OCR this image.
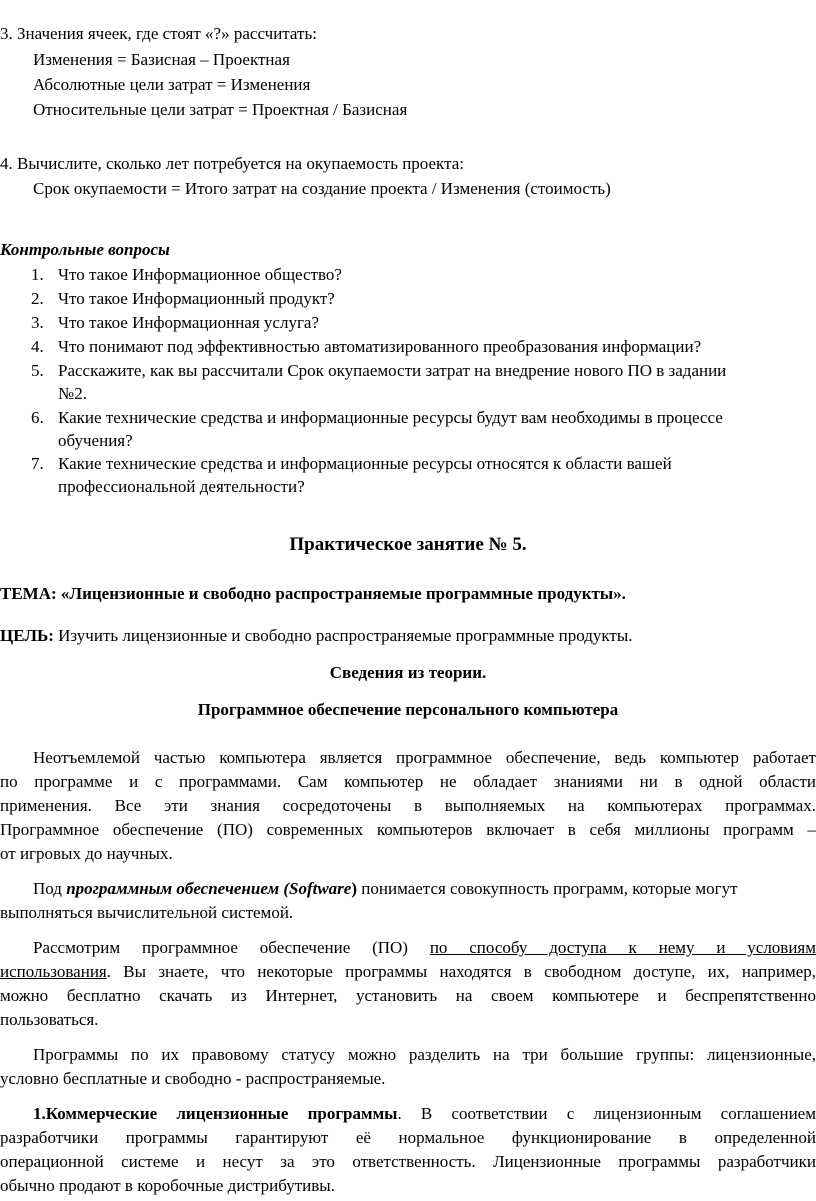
3. Значения ячеек, где стоят «?» рассчитать:
Изменения = Базисная – Проектная
Абсолютные цели затрат = Изменения
Относительные цели затрат = Проектная / Базисная
4. Вычислите, сколько лет потребуется на окупаемость проекта:
Срок окупаемости = Итого затрат на создание проекта / Изменения (стоимость)
Контрольные вопросы
1. Что такое Информационное общество?
2. Что такое Информационный продукт?
3. Что такое Информационная услуга?
4. Что понимают под эффективностью автоматизированного преобразования информации?
5. Расскажите, как вы рассчитали Срок окупаемости затрат на внедрение нового ПО в задании
№2.
6. Какие технические средства и информационные ресурсы будут вам необходимы в процессе
обучения?
7. Какие технические средства и информационные ресурсы относятся к области вашей
профессиональной деятельности?
Практическое занятие № 5.
ТЕМА: «Лицензионные и свободно распространяемые программные продукты».
ЦЕЛЬ: Изучить лицензионные и свободно распространяемые программные продукты.
Сведения из теории.
Программное обеспечение персонального компьютера
Неотъемлемой частью компьютера является программное обеспечение, ведь компьютер работает
по программе и с программами. Сам компьютер не обладает знаниями ни в одной области
применения. Все эти знания сосредоточены в выполняемых на компьютерах программах.
Программное обеспечение (ПО) современных компьютеров включает в себя миллионы программ –
от игровых до научных.
Под программным обеспечением (Software) понимается совокупность программ, которые могут
выполняться вычислительной системой.
Рассмотрим программное обеспечение (ПО) по способу доступа к нему и условиям
использования. Вы знаете, что некоторые программы находятся в свободном доступе, их, например,
можно бесплатно скачать из Интернет, установить на своем компьютере и беспрепятственно
пользоваться.
Программы по их правовому статусу можно разделить на три большие группы: лицензионные,
условно бесплатные и свободно - распространяемые.
1.Коммерческие лицензионные программы. В соответствии с лицензионным соглашением
разработчики программы гарантируют её нормальное функционирование в определенной
операционной системе и несут за это ответственность. Лицензионные программы разработчики
обычно продают в коробочные дистрибутивы.
